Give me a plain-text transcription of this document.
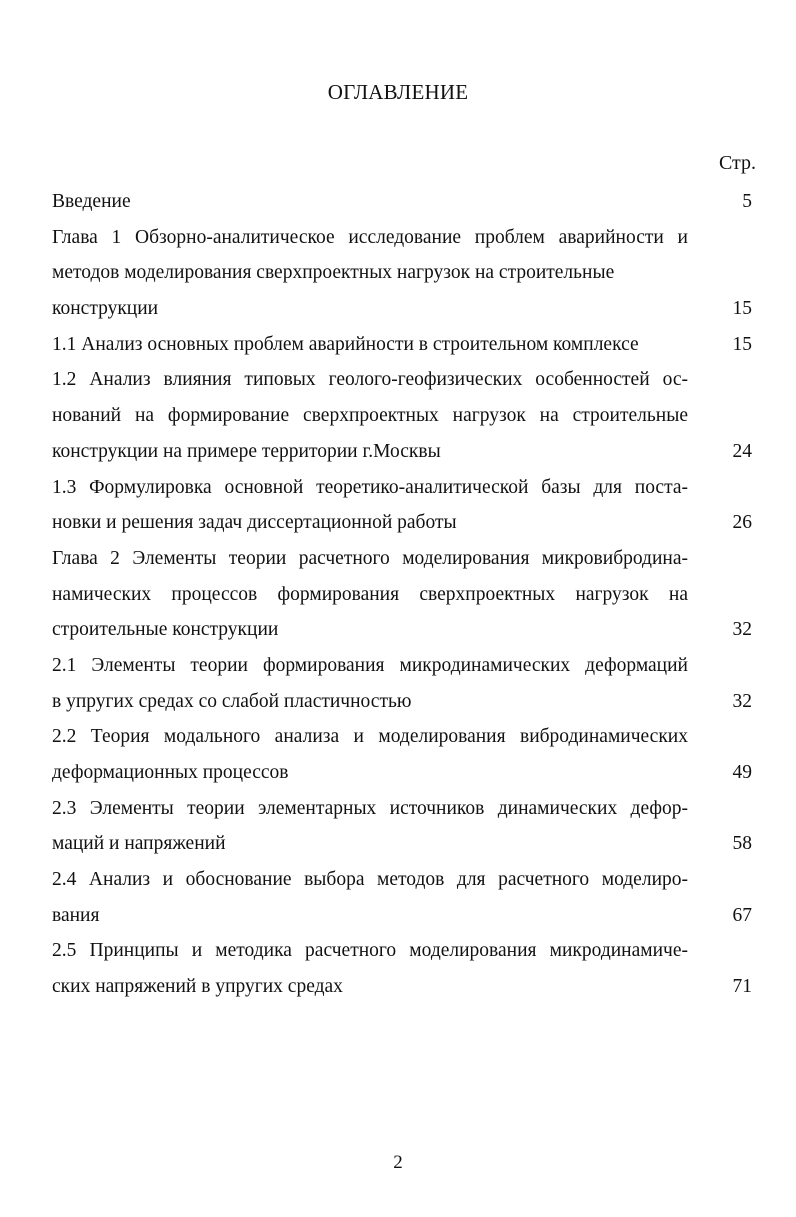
ОГЛАВЛЕНИЕ
Стр.
Введение	5
Глава 1 Обзорно-аналитическое исследование проблем аварийности и
методов моделирования сверхпроектных нагрузок на строительные
конструкции	15
1.1 Анализ основных проблем аварийности в строительном комплексе	15
1.2 Анализ влияния типовых геолого-геофизических особенностей ос-
нований на формирование сверхпроектных нагрузок на строительные
конструкции на примере территории г.Москвы	24
1.3 Формулировка основной теоретико-аналитической базы для поста-
новки и решения задач диссертационной работы	26
Глава 2 Элементы теории расчетного моделирования микровибродина-
намических процессов формирования сверхпроектных нагрузок на
строительные конструкции	32
2.1 Элементы теории формирования микродинамических деформаций
в упругих средах со слабой пластичностью	32
2.2 Теория модального анализа и моделирования вибродинамических
деформационных процессов	49
2.3 Элементы теории элементарных источников динамических дефор-
маций и напряжений	58
2.4 Анализ и обоснование выбора методов для расчетного моделиро-
вания	67
2.5 Принципы и методика расчетного моделирования микродинамиче-
ских напряжений в упругих средах	71
2
